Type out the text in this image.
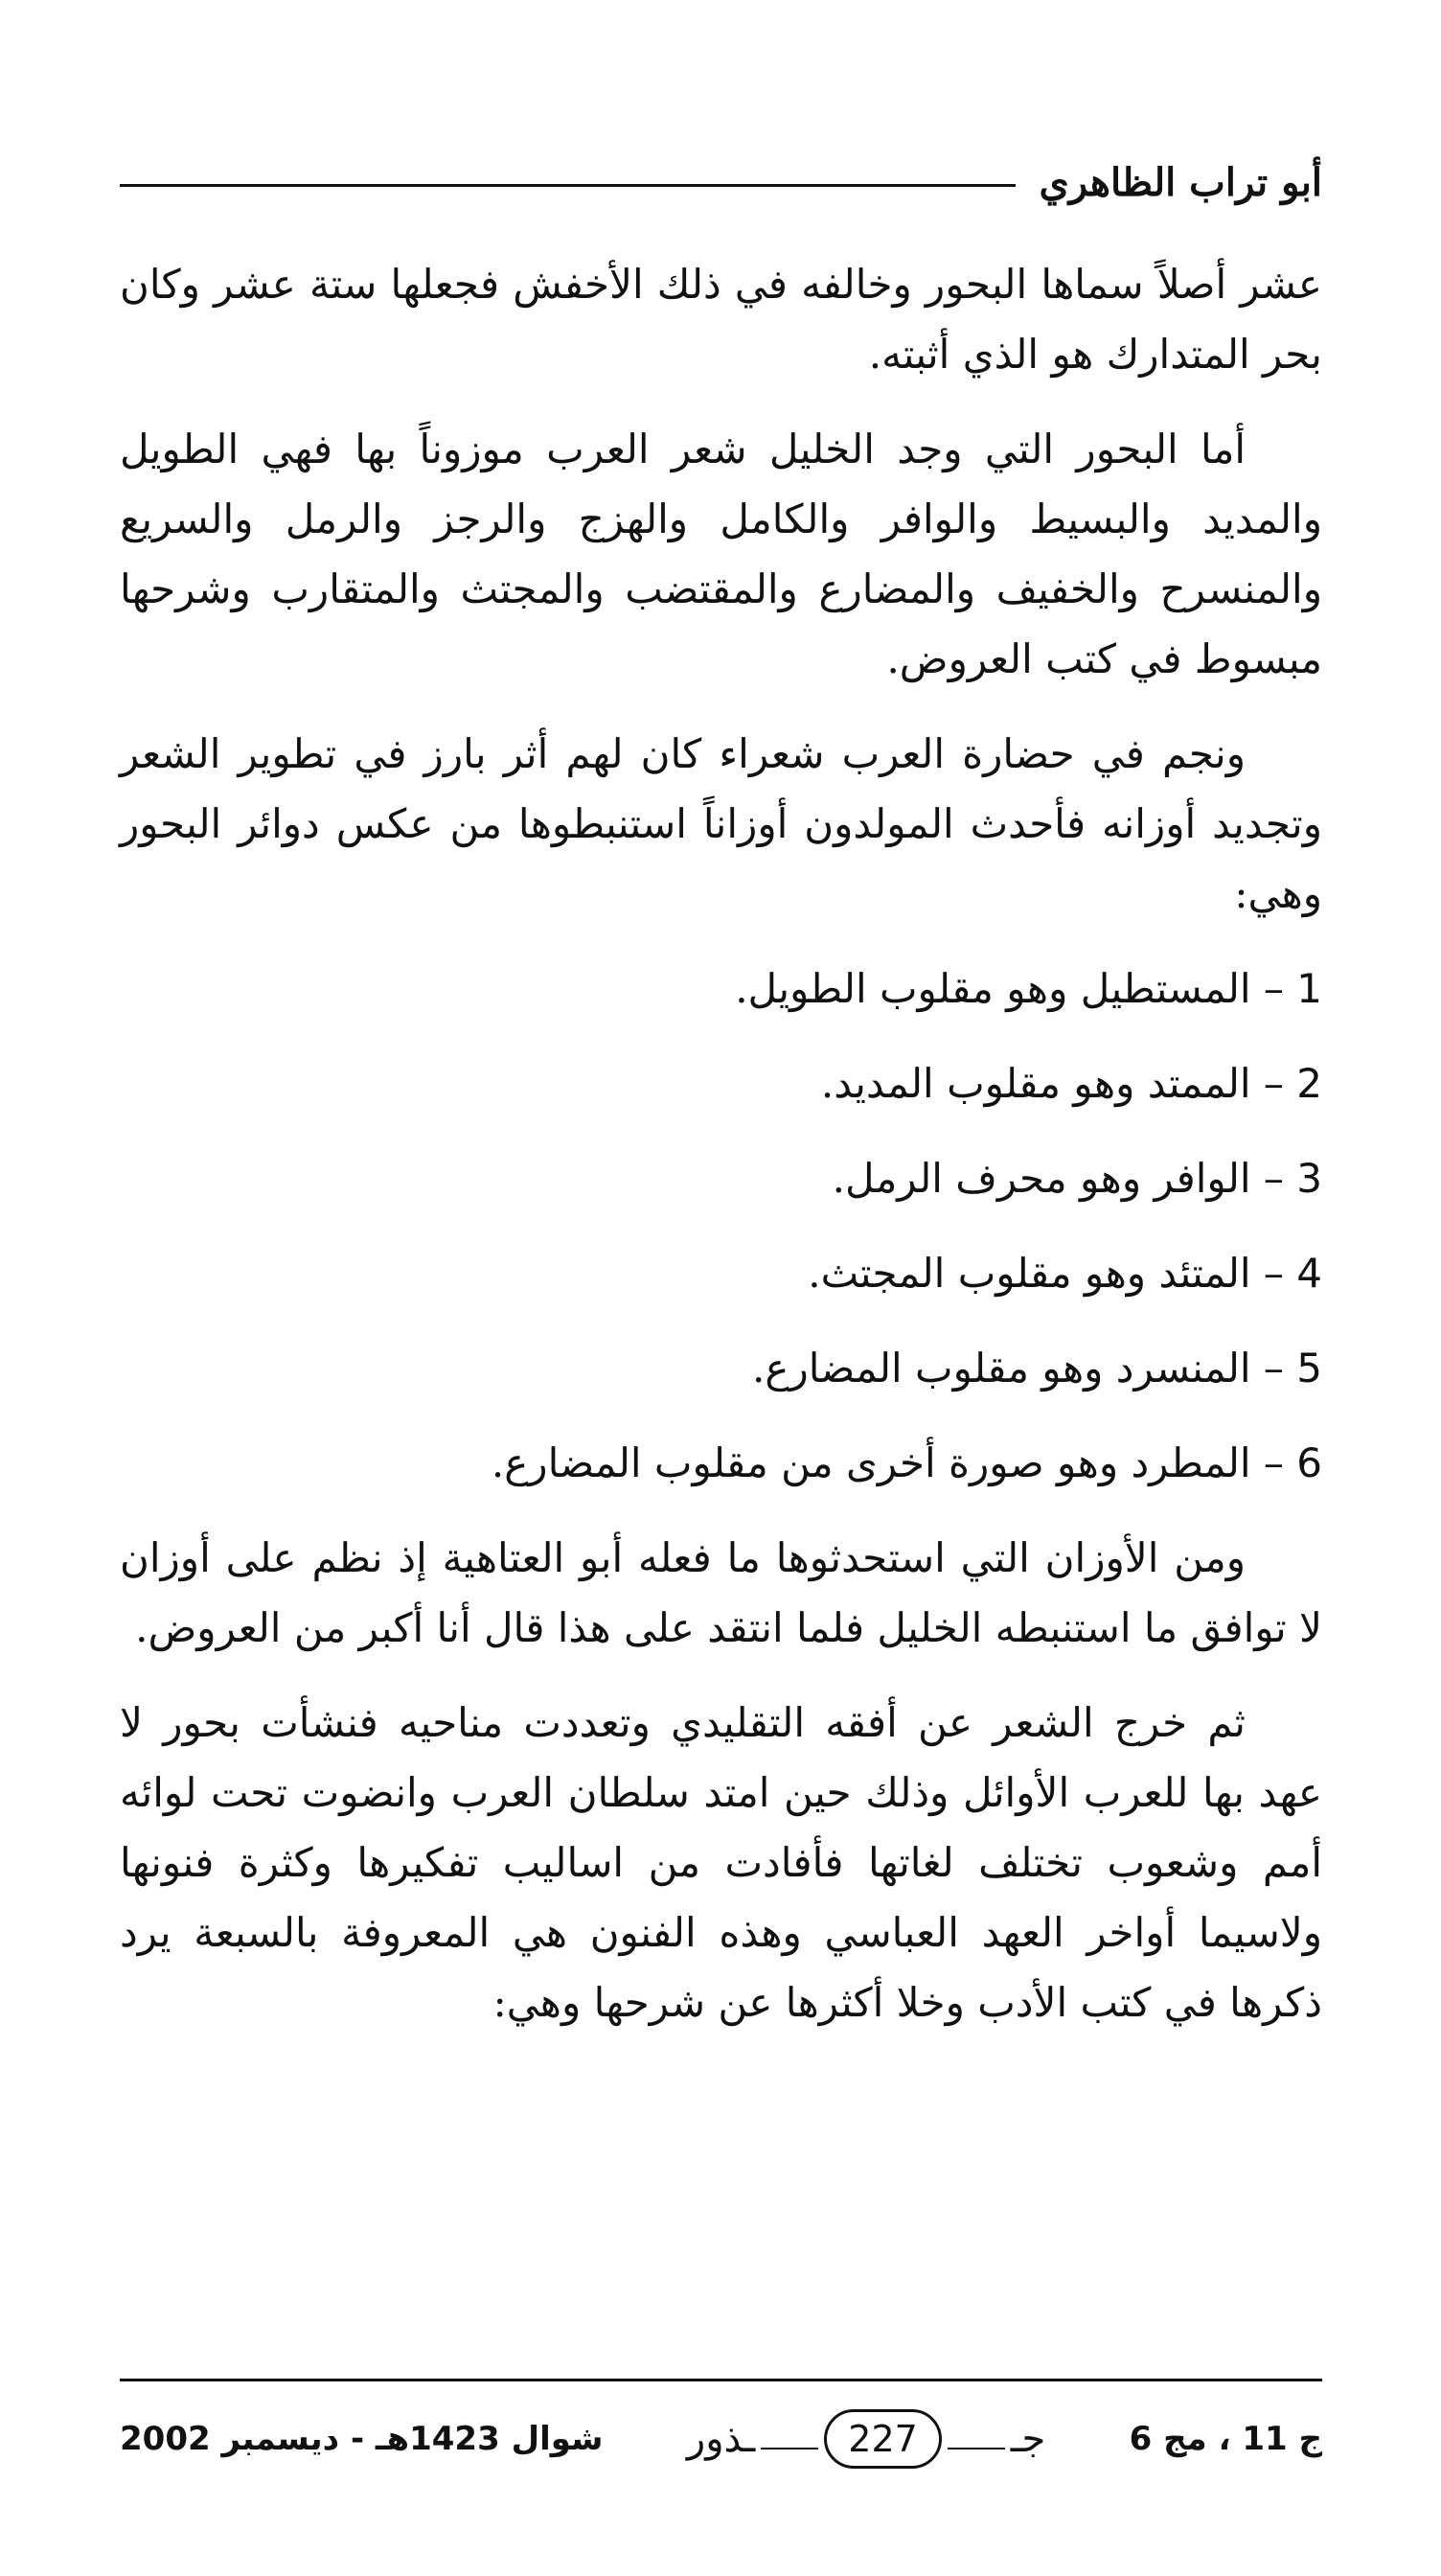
أبو تراب الظاهري

عشر أصلاً سماها البحور وخالفه في ذلك الأخفش فجعلها ستة عشر وكان بحر المتدارك هو الذي أثبته.

أما البحور التي وجد الخليل شعر العرب موزوناً بها فهي الطويل والمديد والبسيط والوافر والكامل والهزج والرجز والرمل والسريع والمنسرح والخفيف والمضارع والمقتضب والمجتث والمتقارب وشرحها مبسوط في كتب العروض.

ونجم في حضارة العرب شعراء كان لهم أثر بارز في تطوير الشعر وتجديد أوزانه فأحدث المولدون أوزاناً استنبطوها من عكس دوائر البحور وهي:

1 – المستطيل وهو مقلوب الطويل.
2 – الممتد وهو مقلوب المديد.
3 – الوافر وهو محرف الرمل.
4 – المتئد وهو مقلوب المجتث.
5 – المنسرد وهو مقلوب المضارع.
6 – المطرد وهو صورة أخرى من مقلوب المضارع.

ومن الأوزان التي استحدثوها ما فعله أبو العتاهية إذ نظم على أوزان لا توافق ما استنبطه الخليل فلما انتقد على هذا قال أنا أكبر من العروض.

ثم خرج الشعر عن أفقه التقليدي وتعددت مناحيه فنشأت بحور لا عهد بها للعرب الأوائل وذلك حين امتد سلطان العرب وانضوت تحت لوائه أمم وشعوب تختلف لغاتها فأفادت من اساليب تفكيرها وكثرة فنونها ولاسيما أواخر العهد العباسي وهذه الفنون هي المعروفة بالسبعة يرد ذكرها في كتب الأدب وخلا أكثرها عن شرحها وهي:

ج 11 ، مج 6
جـ
227
ـذور
شوال 1423هـ - ديسمبر 2002
